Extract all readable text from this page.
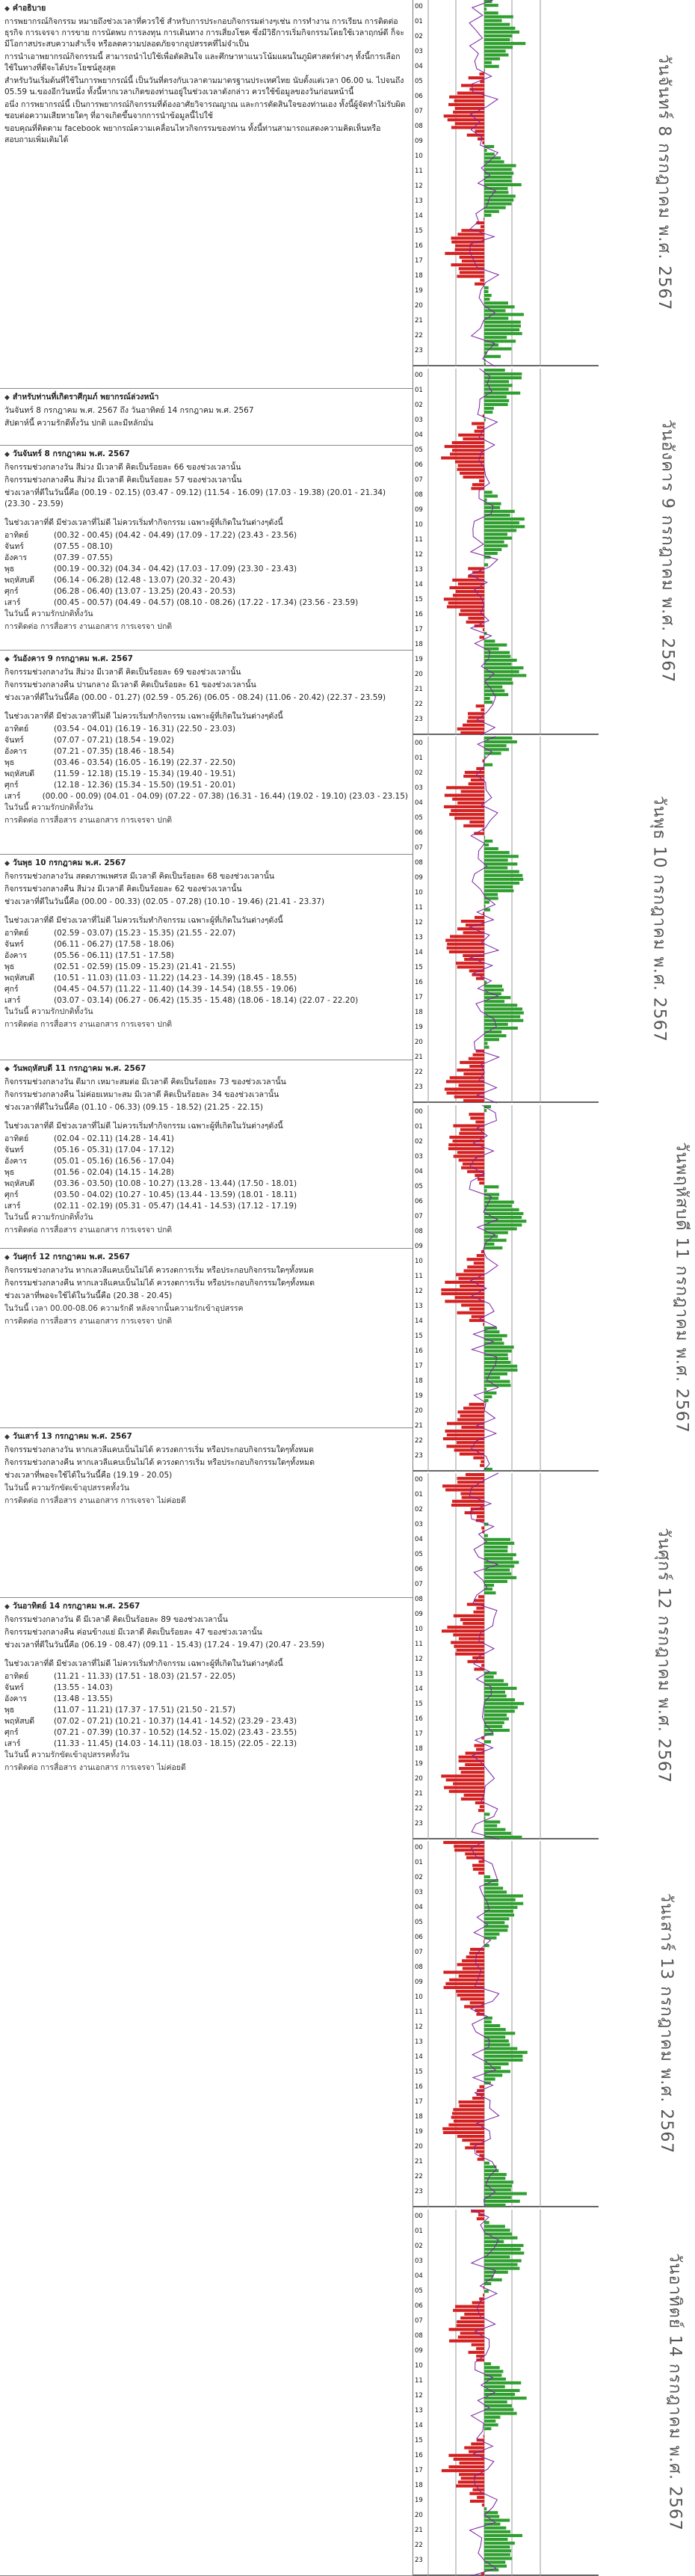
◆ คำอธิบาย

การพยากรณ์กิจกรรม หมายถึงช่วงเวลาที่ควรใช้ สำหรับการประกอบกิจกรรมต่างๆเช่น การทำงาน การเรียน การติดต่อธุรกิจ การเจรจา การขาย การนัดพบ การลงทุน การเดินทาง การเสี่ยงโชค ซึ่งมีวิธีการเริ่มกิจกรรมโดยใช้เวลาฤกษ์ดี ก็จะมีโอกาสประสบความสำเร็จ หรือลดความปลอดภัยจากอุปสรรคที่ไม่จำเป็น

การนำเอาพยากรณ์กิจกรรมนี้ สามารถนำไปใช้เพื่อตัดสินใจ และศึกษาหาแนวโน้มแผนในภูมิศาสตร์ต่างๆ ทั้งนี้การเลือกใช้ในทางที่ดีจะได้ประโยชน์สูงสุด

สำหรับวันเริ่มต้นที่ใช้ในการพยากรณ์นี้ เป็นวันที่ตรงกับเวลาตามมาตรฐานประเทศไทย นับตั้งแต่เวลา 06.00 น. ไปจนถึง 05.59 น.ของอีกวันหนึ่ง ทั้งนี้หากเวลาเกิดของท่านอยู่ในช่วงเวลาดังกล่าว ควรใช้ข้อมูลของวันก่อนหน้านี้

อนึ่ง การพยากรณ์นี้ เป็นการพยากรณ์กิจกรรมที่ต้องอาศัยวิจารณญาณ และการตัดสินใจของท่านเอง ทั้งนี้ผู้จัดทำไม่รับผิดชอบต่อความเสียหายใดๆ ที่อาจเกิดขึ้นจากการนำข้อมูลนี้ไปใช้

ขอบคุณที่ติดตาม facebook พยากรณ์ความเคลื่อนไหวกิจกรรมของท่าน ทั้งนี้ท่านสามารถแสดงความคิดเห็นหรือสอบถามเพิ่มเติมได้

◆ สำหรับท่านที่เกิดราศีกุมภ์ พยากรณ์ล่วงหน้า

วันจันทร์ 8 กรกฎาคม พ.ศ. 2567 ถึง วันอาทิตย์ 14 กรกฎาคม พ.ศ. 2567

สัปดาห์นี้ ความรักดีทั้งวัน ปกติ และมีหลักมั่น

◆ วันจันทร์ 8 กรกฎาคม พ.ศ. 2567

กิจกรรมช่วงกลางวัน สีม่วง มีเวลาดี คิดเป็นร้อยละ 66 ของช่วงเวลานั้น

กิจกรรมช่วงกลางคืน สีม่วง มีเวลาดี คิดเป็นร้อยละ 57 ของช่วงเวลานั้น

ช่วงเวลาที่ดีในวันนี้คือ (00.19 - 02.15) (03.47 - 09.12) (11.54 - 16.09) (17.03 - 19.38) (20.01 - 21.34) (23.30 - 23.59)

ในช่วงเวลาที่ดี มีช่วงเวลาที่ไม่ดี ไม่ควรเริ่มทำกิจกรรม เฉพาะผู้ที่เกิดในวันต่างๆดังนี้

อาทิตย์	(00.32 - 00.45) (04.42 - 04.49) (17.09 - 17.22) (23.43 - 23.56)
จันทร์	(07.55 - 08.10)
อังคาร	(07.39 - 07.55)
พุธ	(00.19 - 00.32) (04.34 - 04.42) (17.03 - 17.09) (23.30 - 23.43)
พฤหัสบดี	(06.14 - 06.28) (12.48 - 13.07) (20.32 - 20.43)
ศุกร์	(06.28 - 06.40) (13.07 - 13.25) (20.43 - 20.53)
เสาร์	(00.45 - 00.57) (04.49 - 04.57) (08.10 - 08.26) (17.22 - 17.34) (23.56 - 23.59)

ในวันนี้ ความรักปกติทั้งวัน

การติดต่อ การสื่อสาร งานเอกสาร การเจรจา ปกติ

◆ วันอังคาร 9 กรกฎาคม พ.ศ. 2567

กิจกรรมช่วงกลางวัน สีม่วง มีเวลาดี คิดเป็นร้อยละ 69 ของช่วงเวลานั้น

กิจกรรมช่วงกลางคืน ปานกลาง มีเวลาดี คิดเป็นร้อยละ 61 ของช่วงเวลานั้น

ช่วงเวลาที่ดีในวันนี้คือ (00.00 - 01.27) (02.59 - 05.26) (06.05 - 08.24) (11.06 - 20.42) (22.37 - 23.59)

ในช่วงเวลาที่ดี มีช่วงเวลาที่ไม่ดี ไม่ควรเริ่มทำกิจกรรม เฉพาะผู้ที่เกิดในวันต่างๆดังนี้

อาทิตย์	(03.54 - 04.01) (16.19 - 16.31) (22.50 - 23.03)
จันทร์	(07.07 - 07.21) (18.54 - 19.02)
อังคาร	(07.21 - 07.35) (18.46 - 18.54)
พุธ	(03.46 - 03.54) (16.05 - 16.19) (22.37 - 22.50)
พฤหัสบดี	(11.59 - 12.18) (15.19 - 15.34) (19.40 - 19.51)
ศุกร์	(12.18 - 12.36) (15.34 - 15.50) (19.51 - 20.01)
เสาร์	(00.00 - 00.09) (04.01 - 04.09) (07.22 - 07.38) (16.31 - 16.44) (19.02 - 19.10) (23.03 - 23.15)

ในวันนี้ ความรักปกติทั้งวัน

การติดต่อ การสื่อสาร งานเอกสาร การเจรจา ปกติ

◆ วันพุธ 10 กรกฎาคม พ.ศ. 2567

กิจกรรมช่วงกลางวัน สดดภาพเพศรส มีเวลาดี คิดเป็นร้อยละ 68 ของช่วงเวลานั้น

กิจกรรมช่วงกลางคืน สีม่วง มีเวลาดี คิดเป็นร้อยละ 62 ของช่วงเวลานั้น

ช่วงเวลาที่ดีในวันนี้คือ (00.00 - 00.33) (02.05 - 07.28) (10.10 - 19.46) (21.41 - 23.37)

ในช่วงเวลาที่ดี มีช่วงเวลาที่ไม่ดี ไม่ควรเริ่มทำกิจกรรม เฉพาะผู้ที่เกิดในวันต่างๆดังนี้

อาทิตย์	(02.59 - 03.07) (15.23 - 15.35) (21.55 - 22.07)
จันทร์	(06.11 - 06.27) (17.58 - 18.06)
อังคาร	(05.56 - 06.11) (17.51 - 17.58)
พุธ	(02.51 - 02.59) (15.09 - 15.23) (21.41 - 21.55)
พฤหัสบดี	(10.51 - 11.03) (11.03 - 11.22) (14.23 - 14.39) (18.45 - 18.55)
ศุกร์	(04.45 - 04.57) (11.22 - 11.40) (14.39 - 14.54) (18.55 - 19.06)
เสาร์	(03.07 - 03.14) (06.27 - 06.42) (15.35 - 15.48) (18.06 - 18.14) (22.07 - 22.20)

ในวันนี้ ความรักปกติทั้งวัน

การติดต่อ การสื่อสาร งานเอกสาร การเจรจา ปกติ

◆ วันพฤหัสบดี 11 กรกฎาคม พ.ศ. 2567

กิจกรรมช่วงกลางวัน ดีมาก เหมาะสมต่อ มีเวลาดี คิดเป็นร้อยละ 73 ของช่วงเวลานั้น

กิจกรรมช่วงกลางคืน ไม่ค่อยเหมาะสม มีเวลาดี คิดเป็นร้อยละ 34 ของช่วงเวลานั้น

ช่วงเวลาที่ดีในวันนี้คือ (01.10 - 06.33) (09.15 - 18.52) (21.25 - 22.15)

ในช่วงเวลาที่ดี มีช่วงเวลาที่ไม่ดี ไม่ควรเริ่มทำกิจกรรม เฉพาะผู้ที่เกิดในวันต่างๆดังนี้

อาทิตย์	(02.04 - 02.11) (14.28 - 14.41)
จันทร์	(05.16 - 05.31) (17.04 - 17.12)
อังคาร	(05.01 - 05.16) (16.56 - 17.04)
พุธ	(01.56 - 02.04) (14.15 - 14.28)
พฤหัสบดี	(03.36 - 03.50) (10.08 - 10.27) (13.28 - 13.44) (17.50 - 18.01)
ศุกร์	(03.50 - 04.02) (10.27 - 10.45) (13.44 - 13.59) (18.01 - 18.11)
เสาร์	(02.11 - 02.19) (05.31 - 05.47) (14.41 - 14.53) (17.12 - 17.19)

ในวันนี้ ความรักปกติทั้งวัน

การติดต่อ การสื่อสาร งานเอกสาร การเจรจา ปกติ

◆ วันศุกร์ 12 กรกฎาคม พ.ศ. 2567

กิจกรรมช่วงกลางวัน หากเลวลีแคบเบ็นไม่ได้ ควรงดการเริ่ม หรือประกอบกิจกรรมใดๆทั้งหมด

กิจกรรมช่วงกลางคืน หากเลวลีแคบเบ็นไม่ได้ ควรงดการเริ่ม หรือประกอบกิจกรรมใดๆทั้งหมด

ช่วงเวลาที่พอจะใช้ได้ในวันนี้คือ (20.38 - 20.45)

ในวันนี้ เวลา 00.00-08.06 ความรักดี หลังจากนั้นความรักเข้าอุปสรรค

การติดต่อ การสื่อสาร งานเอกสาร การเจรจา ปกติ

◆ วันเสาร์ 13 กรกฎาคม พ.ศ. 2567

กิจกรรมช่วงกลางวัน หากเลวลีแคบเบ็นไม่ได้ ควรงดการเริ่ม หรือประกอบกิจกรรมใดๆทั้งหมด

กิจกรรมช่วงกลางคืน หากเลวลีแคบเบ็นไม่ได้ ควรงดการเริ่ม หรือประกอบกิจกรรมใดๆทั้งหมด

ช่วงเวลาที่พอจะใช้ได้ในวันนี้คือ (19.19 - 20.05)

ในวันนี้ ความรักขัดเข้าอุปสรรคทั้งวัน

การติดต่อ การสื่อสาร งานเอกสาร การเจรจา ไม่ค่อยดี

◆ วันอาทิตย์ 14 กรกฎาคม พ.ศ. 2567

กิจกรรมช่วงกลางวัน ดี มีเวลาดี คิดเป็นร้อยละ 89 ของช่วงเวลานั้น

กิจกรรมช่วงกลางคืน ค่อนข้างแย่ มีเวลาดี คิดเป็นร้อยละ 47 ของช่วงเวลานั้น

ช่วงเวลาที่ดีในวันนี้คือ (06.19 - 08.47) (09.11 - 15.43) (17.24 - 19.47) (20.47 - 23.59)

ในช่วงเวลาที่ดี มีช่วงเวลาที่ไม่ดี ไม่ควรเริ่มทำกิจกรรม เฉพาะผู้ที่เกิดในวันต่างๆดังนี้

อาทิตย์	(11.21 - 11.33) (17.51 - 18.03) (21.57 - 22.05)
จันทร์	(13.55 - 14.03)
อังคาร	(13.48 - 13.55)
พุธ	(11.07 - 11.21) (17.37 - 17.51) (21.50 - 21.57)
พฤหัสบดี	(07.02 - 07.21) (10.21 - 10.37) (14.41 - 14.52) (23.29 - 23.43)
ศุกร์	(07.21 - 07.39) (10.37 - 10.52) (14.52 - 15.02) (23.43 - 23.55)
เสาร์	(11.33 - 11.45) (14.03 - 14.11) (18.03 - 18.15) (22.05 - 22.13)

ในวันนี้ ความรักขัดเข้าอุปสรรคทั้งวัน

การติดต่อ การสื่อสาร งานเอกสาร การเจรจา ไม่ค่อยดี

00
01
02
03
04
05
06
07
08
09
10
11
12
13
14
15
16
17
18
19
20
21
22
23
วันจันทร์ 8 กรกฎาคม พ.ศ. 2567
00
01
02
03
04
05
06
07
08
09
10
11
12
13
14
15
16
17
18
19
20
21
22
23
วันอังคาร 9 กรกฎาคม พ.ศ. 2567
00
01
02
03
04
05
06
07
08
09
10
11
12
13
14
15
16
17
18
19
20
21
22
23
วันพุธ 10 กรกฎาคม พ.ศ. 2567
00
01
02
03
04
05
06
07
08
09
10
11
12
13
14
15
16
17
18
19
20
21
22
23
วันพฤหัสบดี 11 กรกฎาคม พ.ศ. 2567
00
01
02
03
04
05
06
07
08
09
10
11
12
13
14
15
16
17
18
19
20
21
22
23
วันศุกร์ 12 กรกฎาคม พ.ศ. 2567
00
01
02
03
04
05
06
07
08
09
10
11
12
13
14
15
16
17
18
19
20
21
22
23
วันเสาร์ 13 กรกฎาคม พ.ศ. 2567
00
01
02
03
04
05
06
07
08
09
10
11
12
13
14
15
16
17
18
19
20
21
22
23
วันอาทิตย์ 14 กรกฎาคม พ.ศ. 2567
